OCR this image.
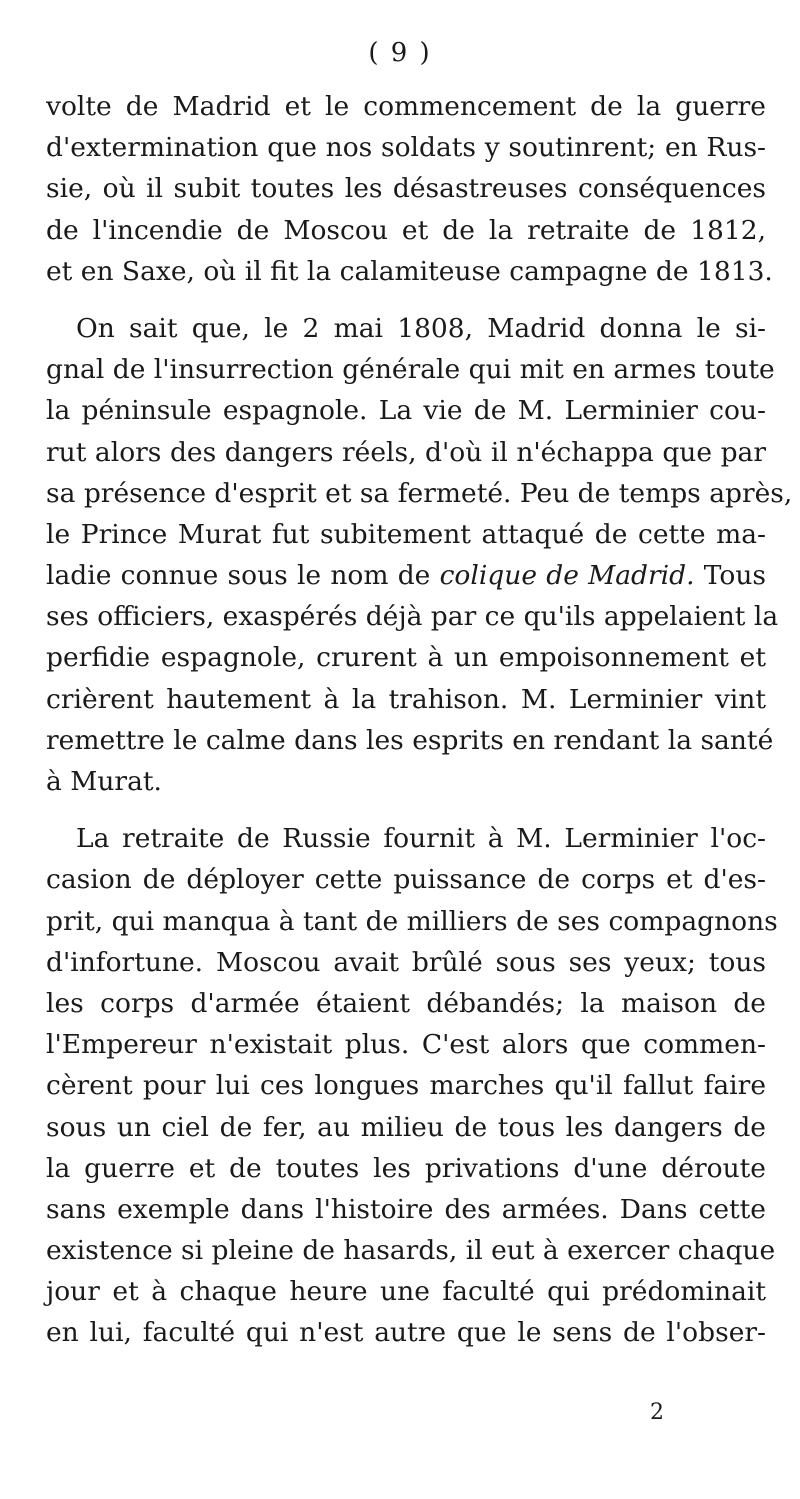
( 9 )
volte de Madrid et le commencement de la guerre
d'extermination que nos soldats y soutinrent; en Rus-
sie, où il subit toutes les désastreuses conséquences
de l'incendie de Moscou et de la retraite de 1812,
et en Saxe, où il fit la calamiteuse campagne de 1813.
On sait que, le 2 mai 1808, Madrid donna le si-
gnal de l'insurrection générale qui mit en armes toute
la péninsule espagnole. La vie de M. Lerminier cou-
rut alors des dangers réels, d'où il n'échappa que par
sa présence d'esprit et sa fermeté. Peu de temps après,
le Prince Murat fut subitement attaqué de cette ma-
ladie connue sous le nom de colique de Madrid. Tous
ses officiers, exaspérés déjà par ce qu'ils appelaient la
perfidie espagnole, crurent à un empoisonnement et
crièrent hautement à la trahison. M. Lerminier vint
remettre le calme dans les esprits en rendant la santé
à Murat.
La retraite de Russie fournit à M. Lerminier l'oc-
casion de déployer cette puissance de corps et d'es-
prit, qui manqua à tant de milliers de ses compagnons
d'infortune. Moscou avait brûlé sous ses yeux; tous
les corps d'armée étaient débandés; la maison de
l'Empereur n'existait plus. C'est alors que commen-
cèrent pour lui ces longues marches qu'il fallut faire
sous un ciel de fer, au milieu de tous les dangers de
la guerre et de toutes les privations d'une déroute
sans exemple dans l'histoire des armées. Dans cette
existence si pleine de hasards, il eut à exercer chaque
jour et à chaque heure une faculté qui prédominait
en lui, faculté qui n'est autre que le sens de l'obser-
2
